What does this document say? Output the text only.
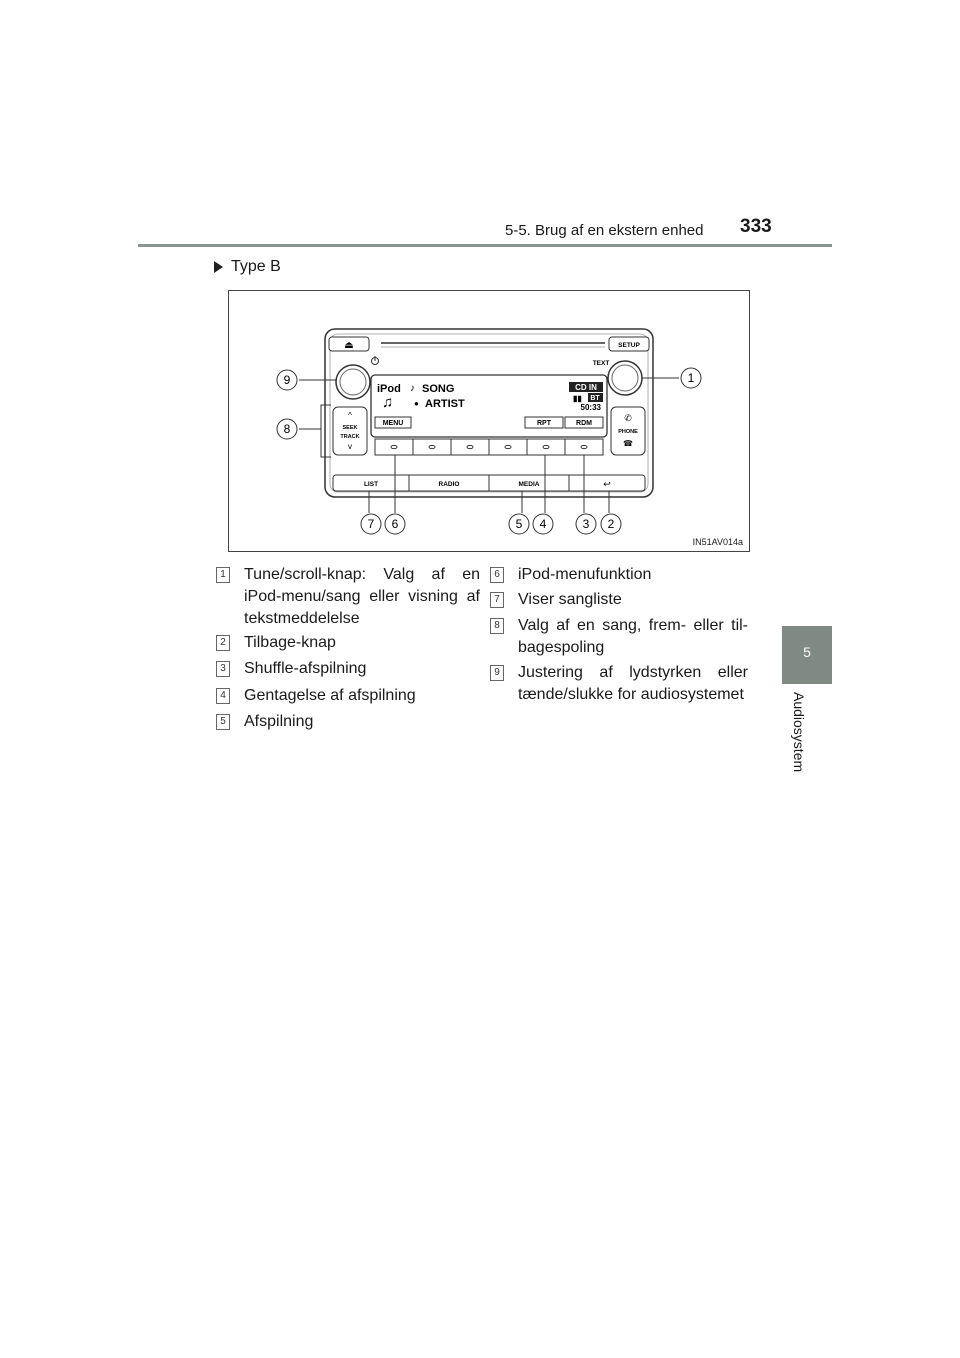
5-5. Brug af en ekstern enhed 333
5
Audiosystem
Type B
⏏	SETUP
TEXT
iPod ♪ SONG
♫	● ARTIST
CD IN
▮▮ BT
50:33
MENU	RPT	RDM
^
SEEK
TRACK
v
✆
PHONE
☎
LIST	RADIO	MEDIA	↩
9
8
1
7 6	5 4	3 2
IN51AV014a
1 Tune/scroll-knap: Valg af en iPod-menu/sang eller visning af tekstmeddelelse
2 Tilbage-knap
3 Shuffle-afspilning
4 Gentagelse af afspilning
5 Afspilning
6 iPod-menufunktion
7 Viser sangliste
8 Valg af en sang, frem- eller til-bagespoling
9 Justering af lydstyrken eller tænde/slukke for audiosystemet
